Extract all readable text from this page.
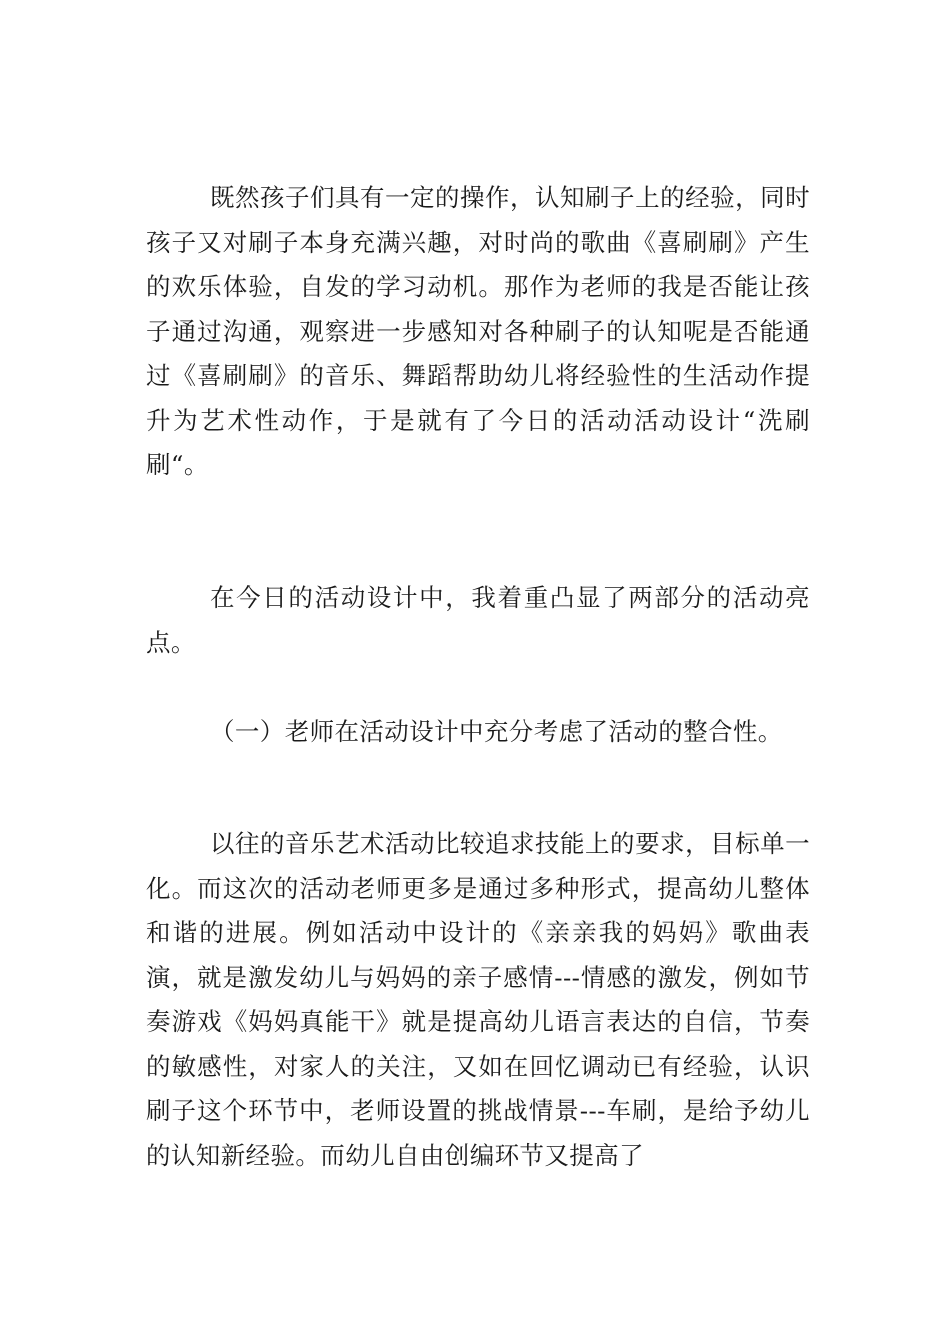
既然孩子们具有一定的操作，认知刷子上的经验，同时孩子又对刷子本身充满兴趣，对时尚的歌曲《喜刷刷》产生的欢乐体验，自发的学习动机。那作为老师的我是否能让孩子通过沟通，观察进一步感知对各种刷子的认知呢是否能通过《喜刷刷》的音乐、舞蹈帮助幼儿将经验性的生活动作提升为艺术性动作，于是就有了今日的活动活动设计“洗刷刷“。

在今日的活动设计中，我着重凸显了两部分的活动亮点。

（一）老师在活动设计中充分考虑了活动的整合性。

以往的音乐艺术活动比较追求技能上的要求，目标单一化。而这次的活动老师更多是通过多种形式，提高幼儿整体和谐的进展。例如活动中设计的《亲亲我的妈妈》歌曲表演，就是激发幼儿与妈妈的亲子感情---情感的激发，例如节奏游戏《妈妈真能干》就是提高幼儿语言表达的自信，节奏的敏感性，对家人的关注，又如在回忆调动已有经验，认识刷子这个环节中，老师设置的挑战情景---车刷，是给予幼儿的认知新经验。而幼儿自由创编环节又提高了
